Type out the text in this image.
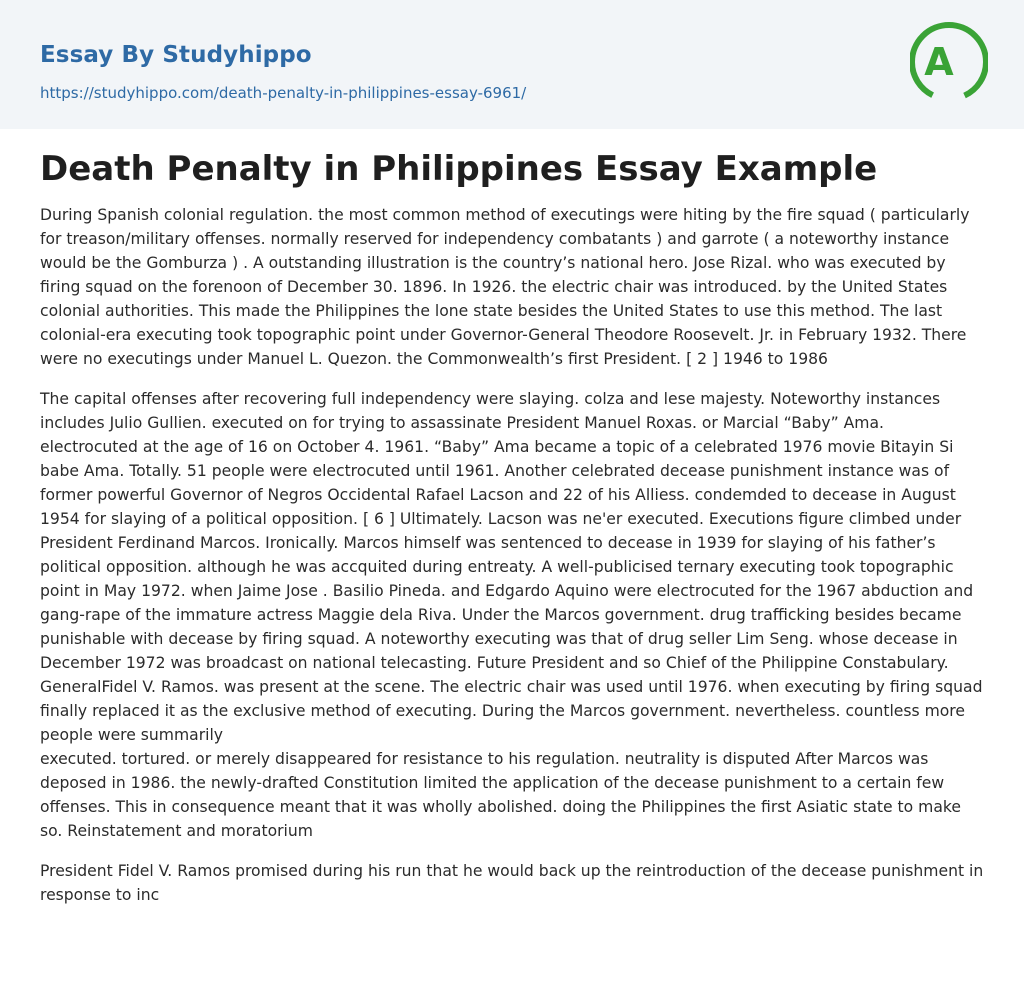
Essay By Studyhippo
https://studyhippo.com/death-penalty-in-philippines-essay-6961/
A
Death Penalty in Philippines Essay Example

During Spanish colonial regulation. the most common method of executings were hiting by the fire squad ( particularly for treason/military offenses. normally reserved for independency combatants ) and garrote ( a noteworthy instance would be the Gomburza ) . A outstanding illustration is the country’s national hero. Jose Rizal. who was executed by firing squad on the forenoon of December 30. 1896. In 1926. the electric chair was introduced. by the United States colonial authorities. This made the Philippines the lone state besides the United States to use this method. The last colonial-era executing took topographic point under Governor-General Theodore Roosevelt. Jr. in February 1932. There were no executings under Manuel L. Quezon. the Commonwealth’s first President. [ 2 ] 1946 to 1986

The capital offenses after recovering full independency were slaying. colza and lese majesty. Noteworthy instances includes Julio Gullien. executed on for trying to assassinate President Manuel Roxas. or Marcial “Baby” Ama. electrocuted at the age of 16 on October 4. 1961. “Baby” Ama became a topic of a celebrated 1976 movie Bitayin Si babe Ama. Totally. 51 people were electrocuted until 1961. Another celebrated decease punishment instance was of former powerful Governor of Negros Occidental Rafael Lacson and 22 of his Alliess. condemded to decease in August 1954 for slaying of a political opposition. [ 6 ] Ultimately. Lacson was ne'er executed. Executions figure climbed under President Ferdinand Marcos. Ironically. Marcos himself was sentenced to decease in 1939 for slaying of his father’s political opposition. although he was accquited during entreaty. A well-publicised ternary executing took topographic point in May 1972. when Jaime Jose . Basilio Pineda. and Edgardo Aquino were electrocuted for the 1967 abduction and gang-rape of the immature actress Maggie dela Riva. Under the Marcos government. drug trafficking besides became punishable with decease by firing squad. A noteworthy executing was that of drug seller Lim Seng. whose decease in December 1972 was broadcast on national telecasting. Future President and so Chief of the Philippine Constabulary. GeneralFidel V. Ramos. was present at the scene. The electric chair was used until 1976. when executing by firing squad finally replaced it as the exclusive method of executing. During the Marcos government. nevertheless. countless more people were summarily
executed. tortured. or merely disappeared for resistance to his regulation. neutrality is disputed After Marcos was deposed in 1986. the newly-drafted Constitution limited the application of the decease punishment to a certain few offenses. This in consequence meant that it was wholly abolished. doing the Philippines the first Asiatic state to make so. Reinstatement and moratorium

President Fidel V. Ramos promised during his run that he would back up the reintroduction of the decease punishment in response to inc
